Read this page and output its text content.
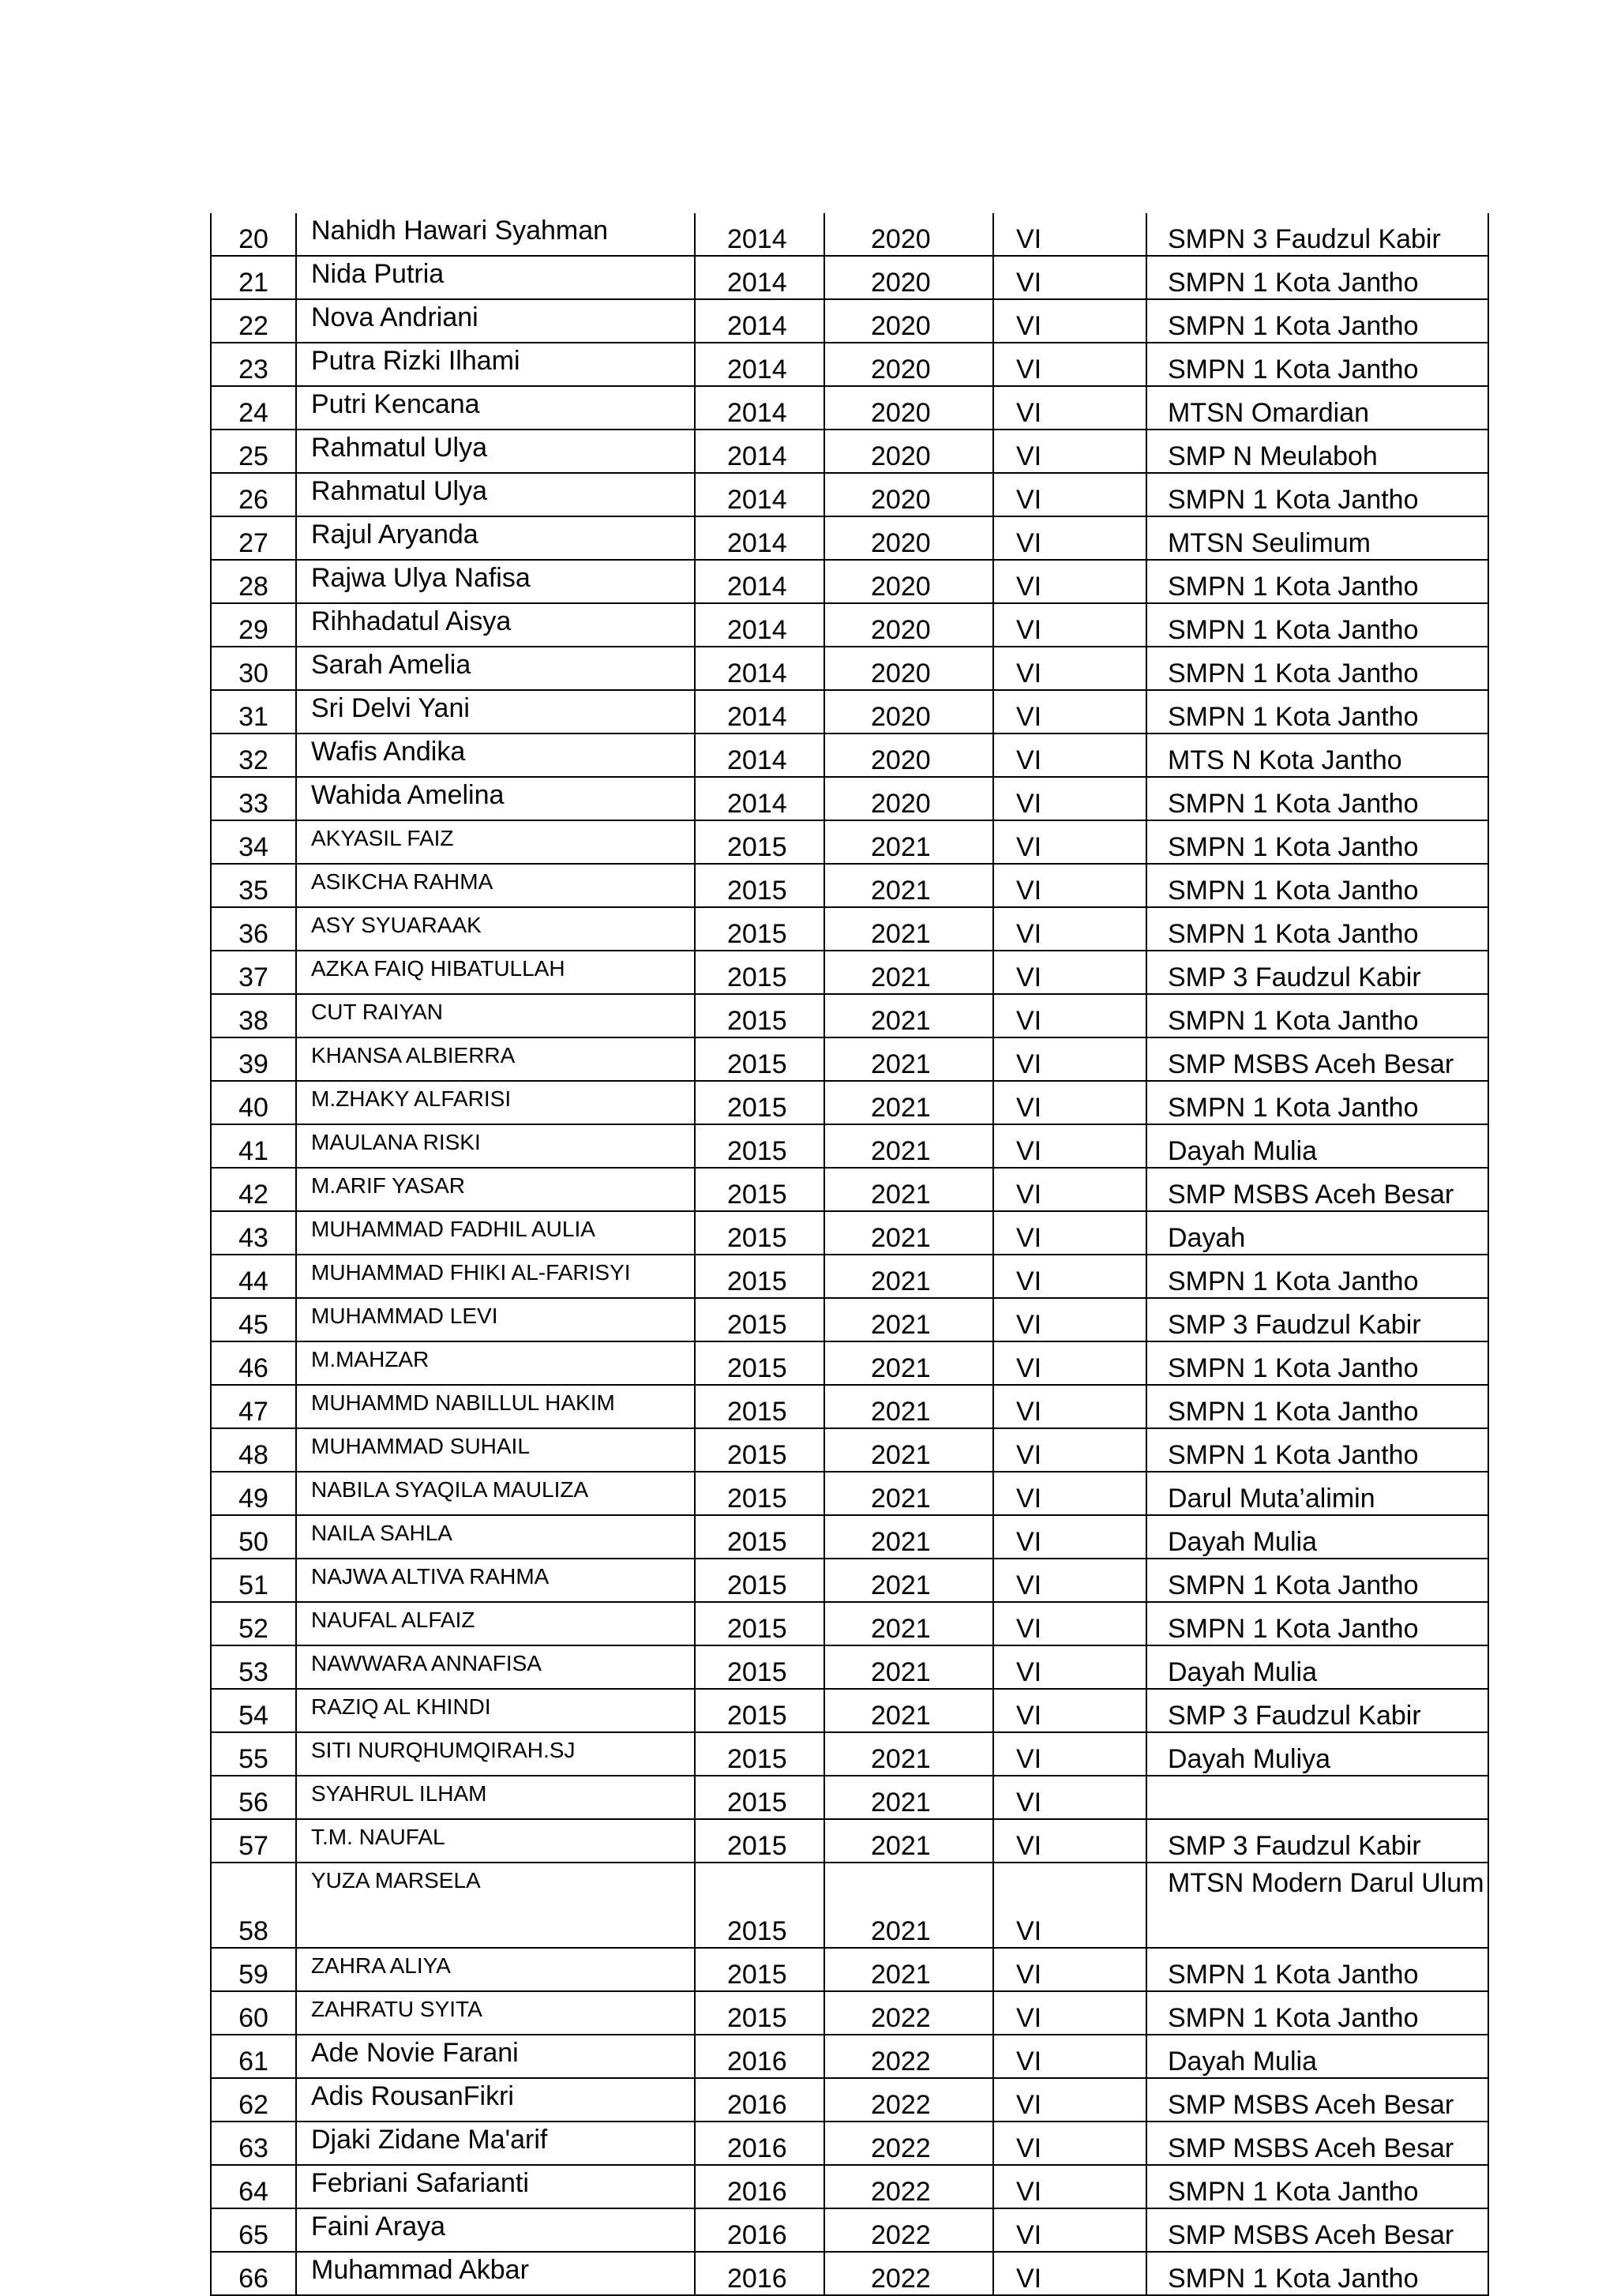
20	Nahidh Hawari Syahman	2014	2020	VI	SMPN 3 Faudzul Kabir
21	Nida Putria	2014	2020	VI	SMPN 1 Kota Jantho
22	Nova Andriani	2014	2020	VI	SMPN 1 Kota Jantho
23	Putra Rizki Ilhami	2014	2020	VI	SMPN 1 Kota Jantho
24	Putri Kencana	2014	2020	VI	MTSN Omardian
25	Rahmatul Ulya	2014	2020	VI	SMP N Meulaboh
26	Rahmatul Ulya	2014	2020	VI	SMPN 1 Kota Jantho
27	Rajul Aryanda	2014	2020	VI	MTSN Seulimum
28	Rajwa Ulya Nafisa	2014	2020	VI	SMPN 1 Kota Jantho
29	Rihhadatul Aisya	2014	2020	VI	SMPN 1 Kota Jantho
30	Sarah Amelia	2014	2020	VI	SMPN 1 Kota Jantho
31	Sri Delvi Yani	2014	2020	VI	SMPN 1 Kota Jantho
32	Wafis Andika	2014	2020	VI	MTS N Kota Jantho
33	Wahida Amelina	2014	2020	VI	SMPN 1 Kota Jantho
34	AKYASIL FAIZ	2015	2021	VI	SMPN 1 Kota Jantho
35	ASIKCHA RAHMA	2015	2021	VI	SMPN 1 Kota Jantho
36	ASY SYUARAAK	2015	2021	VI	SMPN 1 Kota Jantho
37	AZKA FAIQ HIBATULLAH	2015	2021	VI	SMP 3 Faudzul Kabir
38	CUT RAIYAN	2015	2021	VI	SMPN 1 Kota Jantho
39	KHANSA ALBIERRA	2015	2021	VI	SMP MSBS Aceh Besar
40	M.ZHAKY ALFARISI	2015	2021	VI	SMPN 1 Kota Jantho
41	MAULANA RISKI	2015	2021	VI	Dayah Mulia
42	M.ARIF YASAR	2015	2021	VI	SMP MSBS Aceh Besar
43	MUHAMMAD FADHIL AULIA	2015	2021	VI	Dayah
44	MUHAMMAD FHIKI AL-FARISYI	2015	2021	VI	SMPN 1 Kota Jantho
45	MUHAMMAD LEVI	2015	2021	VI	SMP 3 Faudzul Kabir
46	M.MAHZAR	2015	2021	VI	SMPN 1 Kota Jantho
47	MUHAMMD NABILLUL HAKIM	2015	2021	VI	SMPN 1 Kota Jantho
48	MUHAMMAD SUHAIL	2015	2021	VI	SMPN 1 Kota Jantho
49	NABILA SYAQILA MAULIZA	2015	2021	VI	Darul Muta’alimin
50	NAILA SAHLA	2015	2021	VI	Dayah Mulia
51	NAJWA ALTIVA RAHMA	2015	2021	VI	SMPN 1 Kota Jantho
52	NAUFAL ALFAIZ	2015	2021	VI	SMPN 1 Kota Jantho
53	NAWWARA ANNAFISA	2015	2021	VI	Dayah Mulia
54	RAZIQ AL KHINDI	2015	2021	VI	SMP 3 Faudzul Kabir
55	SITI NURQHUMQIRAH.SJ	2015	2021	VI	Dayah Muliya
56	SYAHRUL ILHAM	2015	2021	VI	
57	T.M. NAUFAL	2015	2021	VI	SMP 3 Faudzul Kabir
58	YUZA MARSELA	2015	2021	VI	MTSN Modern Darul Ulum
59	ZAHRA ALIYA	2015	2021	VI	SMPN 1 Kota Jantho
60	ZAHRATU SYITA	2015	2022	VI	SMPN 1 Kota Jantho
61	Ade Novie Farani	2016	2022	VI	Dayah Mulia
62	Adis RousanFikri	2016	2022	VI	SMP MSBS Aceh Besar
63	Djaki Zidane Ma'arif	2016	2022	VI	SMP MSBS Aceh Besar
64	Febriani Safarianti	2016	2022	VI	SMPN 1 Kota Jantho
65	Faini Araya	2016	2022	VI	SMP MSBS Aceh Besar
66	Muhammad Akbar	2016	2022	VI	SMPN 1 Kota Jantho
